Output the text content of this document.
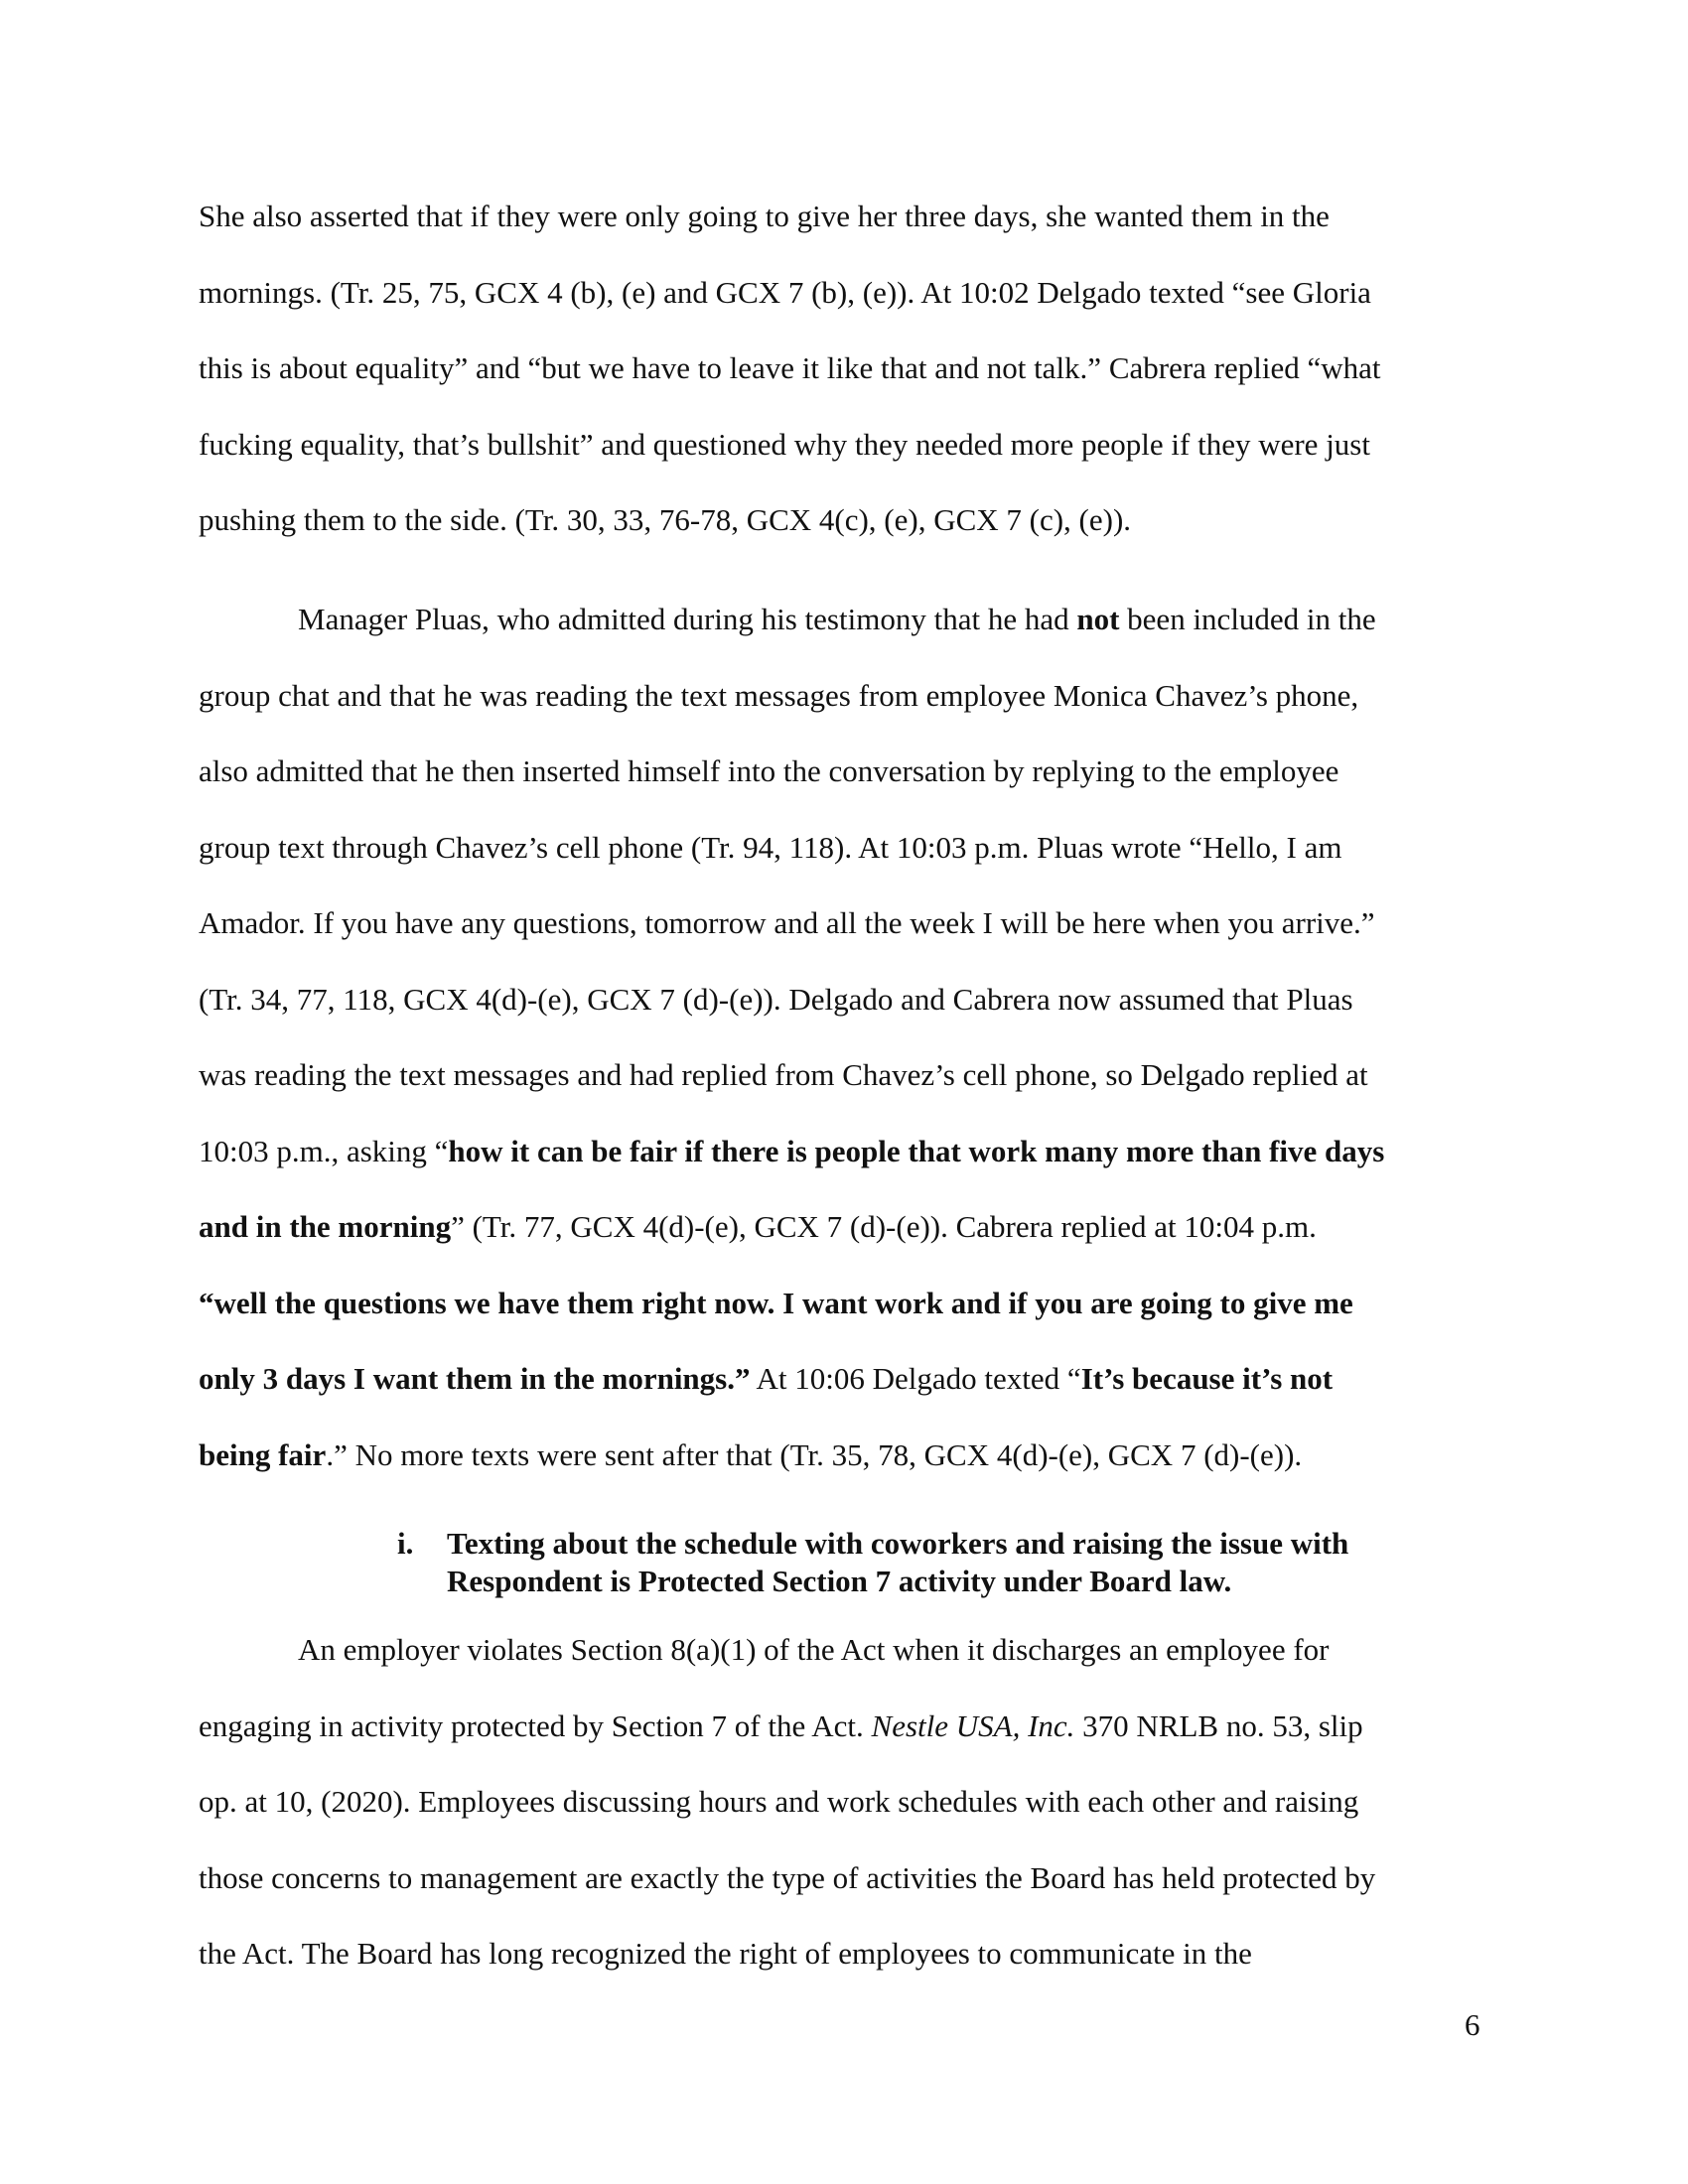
She also asserted that if they were only going to give her three days, she wanted them in the
mornings. (Tr. 25, 75, GCX 4 (b), (e) and GCX 7 (b), (e)). At 10:02 Delgado texted “see Gloria
this is about equality” and “but we have to leave it like that and not talk.” Cabrera replied “what
fucking equality, that’s bullshit” and questioned why they needed more people if they were just
pushing them to the side. (Tr. 30, 33, 76-78, GCX 4(c), (e), GCX 7 (c), (e)).
Manager Pluas, who admitted during his testimony that he had not been included in the
group chat and that he was reading the text messages from employee Monica Chavez’s phone,
also admitted that he then inserted himself into the conversation by replying to the employee
group text through Chavez’s cell phone (Tr. 94, 118). At 10:03 p.m. Pluas wrote “Hello, I am
Amador. If you have any questions, tomorrow and all the week I will be here when you arrive.”
(Tr. 34, 77, 118, GCX 4(d)-(e), GCX 7 (d)-(e)). Delgado and Cabrera now assumed that Pluas
was reading the text messages and had replied from Chavez’s cell phone, so Delgado replied at
10:03 p.m., asking “how it can be fair if there is people that work many more than five days
and in the morning” (Tr. 77, GCX 4(d)-(e), GCX 7 (d)-(e)). Cabrera replied at 10:04 p.m.
“well the questions we have them right now. I want work and if you are going to give me
only 3 days I want them in the mornings.” At 10:06 Delgado texted “It’s because it’s not
being fair.” No more texts were sent after that (Tr. 35, 78, GCX 4(d)-(e), GCX 7 (d)-(e)).
i.	Texting about the schedule with coworkers and raising the issue with
Respondent is Protected Section 7 activity under Board law.
An employer violates Section 8(a)(1) of the Act when it discharges an employee for
engaging in activity protected by Section 7 of the Act. Nestle USA, Inc. 370 NRLB no. 53, slip
op. at 10, (2020). Employees discussing hours and work schedules with each other and raising
those concerns to management are exactly the type of activities the Board has held protected by
the Act. The Board has long recognized the right of employees to communicate in the
6
